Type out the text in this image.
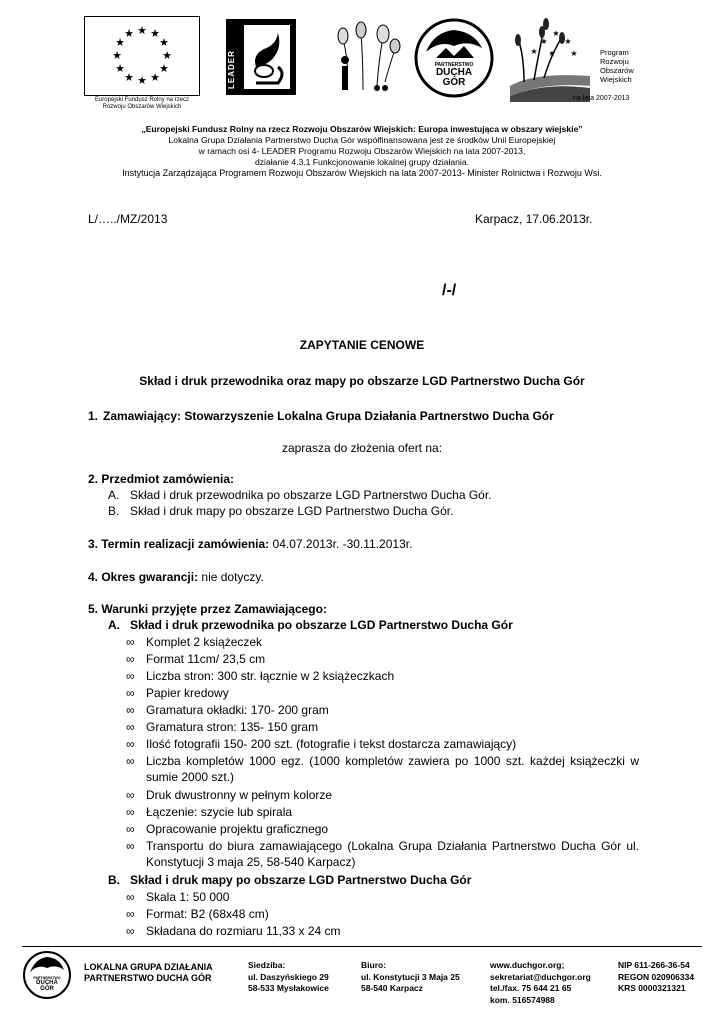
★ ★
★
★
★
★
★
★
★
★
★
★
Europejski Fundusz Rolny na rzecz
Rozwoju Obszarów Wiejskich
LEADER	PARTNERSTWO
DUCHA
GÓR
★
★
★
★
★ ★	Program
Rozwoju
Obszarów
Wiejskich
na lata 2007-2013
„Europejski Fundusz Rolny na rzecz Rozwoju Obszarów Wiejskich: Europa inwestująca w obszary wiejskie”
Lokalna Grupa Działania Partnerstwo Ducha Gór współfinansowana jest ze środków Unii Europejskiej
w ramach osi 4- LEADER Programu Rozwoju Obszarów Wiejskich na lata 2007-2013,
działanie 4.3.1 Funkcjonowanie lokalnej grupy działania.
Instytucja Zarządzająca Programem Rozwoju Obszarów Wiejskich na lata 2007-2013- Minister Rolnictwa i Rozwoju Wsi.
L/…../MZ/2013	Karpacz, 17.06.2013r.
/-/
ZAPYTANIE CENOWE
Skład i druk przewodnika oraz mapy po obszarze LGD Partnerstwo Ducha Gór
1. Zamawiający: Stowarzyszenie Lokalna Grupa Działania Partnerstwo Ducha Gór
zaprasza do złożenia ofert na:
2. Przedmiot zamówienia:
A. Skład i druk przewodnika po obszarze LGD Partnerstwo Ducha Gór.
B. Skład i druk mapy po obszarze LGD Partnerstwo Ducha Gór.
3. Termin realizacji zamówienia: 04.07.2013r. -30.11.2013r.
4. Okres gwarancji: nie dotyczy.
5. Warunki przyjęte przez Zamawiającego:
A. Skład i druk przewodnika po obszarze LGD Partnerstwo Ducha Gór
∞ Komplet 2 książeczek
∞ Format 11cm/ 23,5 cm
∞ Liczba stron: 300 str. łącznie w 2 książeczkach
∞ Papier kredowy
∞ Gramatura okładki: 170- 200 gram
∞ Gramatura stron: 135- 150 gram
∞ Ilość fotografii 150- 200 szt. (fotografie i tekst dostarcza zamawiający)
∞ Liczba kompletów 1000 egz. (1000 kompletów zawiera po 1000 szt. każdej książeczki w sumie 2000 szt.)
∞ Druk dwustronny w pełnym kolorze
∞ Łączenie: szycie lub spirala
∞ Opracowanie projektu graficznego
∞ Transportu do biura zamawiającego (Lokalna Grupa Działania Partnerstwo Ducha Gór ul. Konstytucji 3 maja 25, 58-540 Karpacz)
B. Skład i druk mapy po obszarze LGD Partnerstwo Ducha Gór
∞ Skala 1: 50 000
∞ Format: B2 (68x48 cm)
∞ Składana do rozmiaru 11,33 x 24 cm
PARTNERSTWO
DUCHA
GÓR
LOKALNA GRUPA DZIAŁANIA
PARTNERSTWO DUCHA GÓR
Siedziba:
ul. Daszyńskiego 29
58-533 Mysłakowice
Biuro:
ul. Konstytucji 3 Maja 25
58-540 Karpacz
www.duchgor.org;
sekretariat@duchgor.org
tel./fax. 75 644 21 65
kom. 516574988
NIP 611-266-36-54
REGON 020906334
KRS 0000321321
